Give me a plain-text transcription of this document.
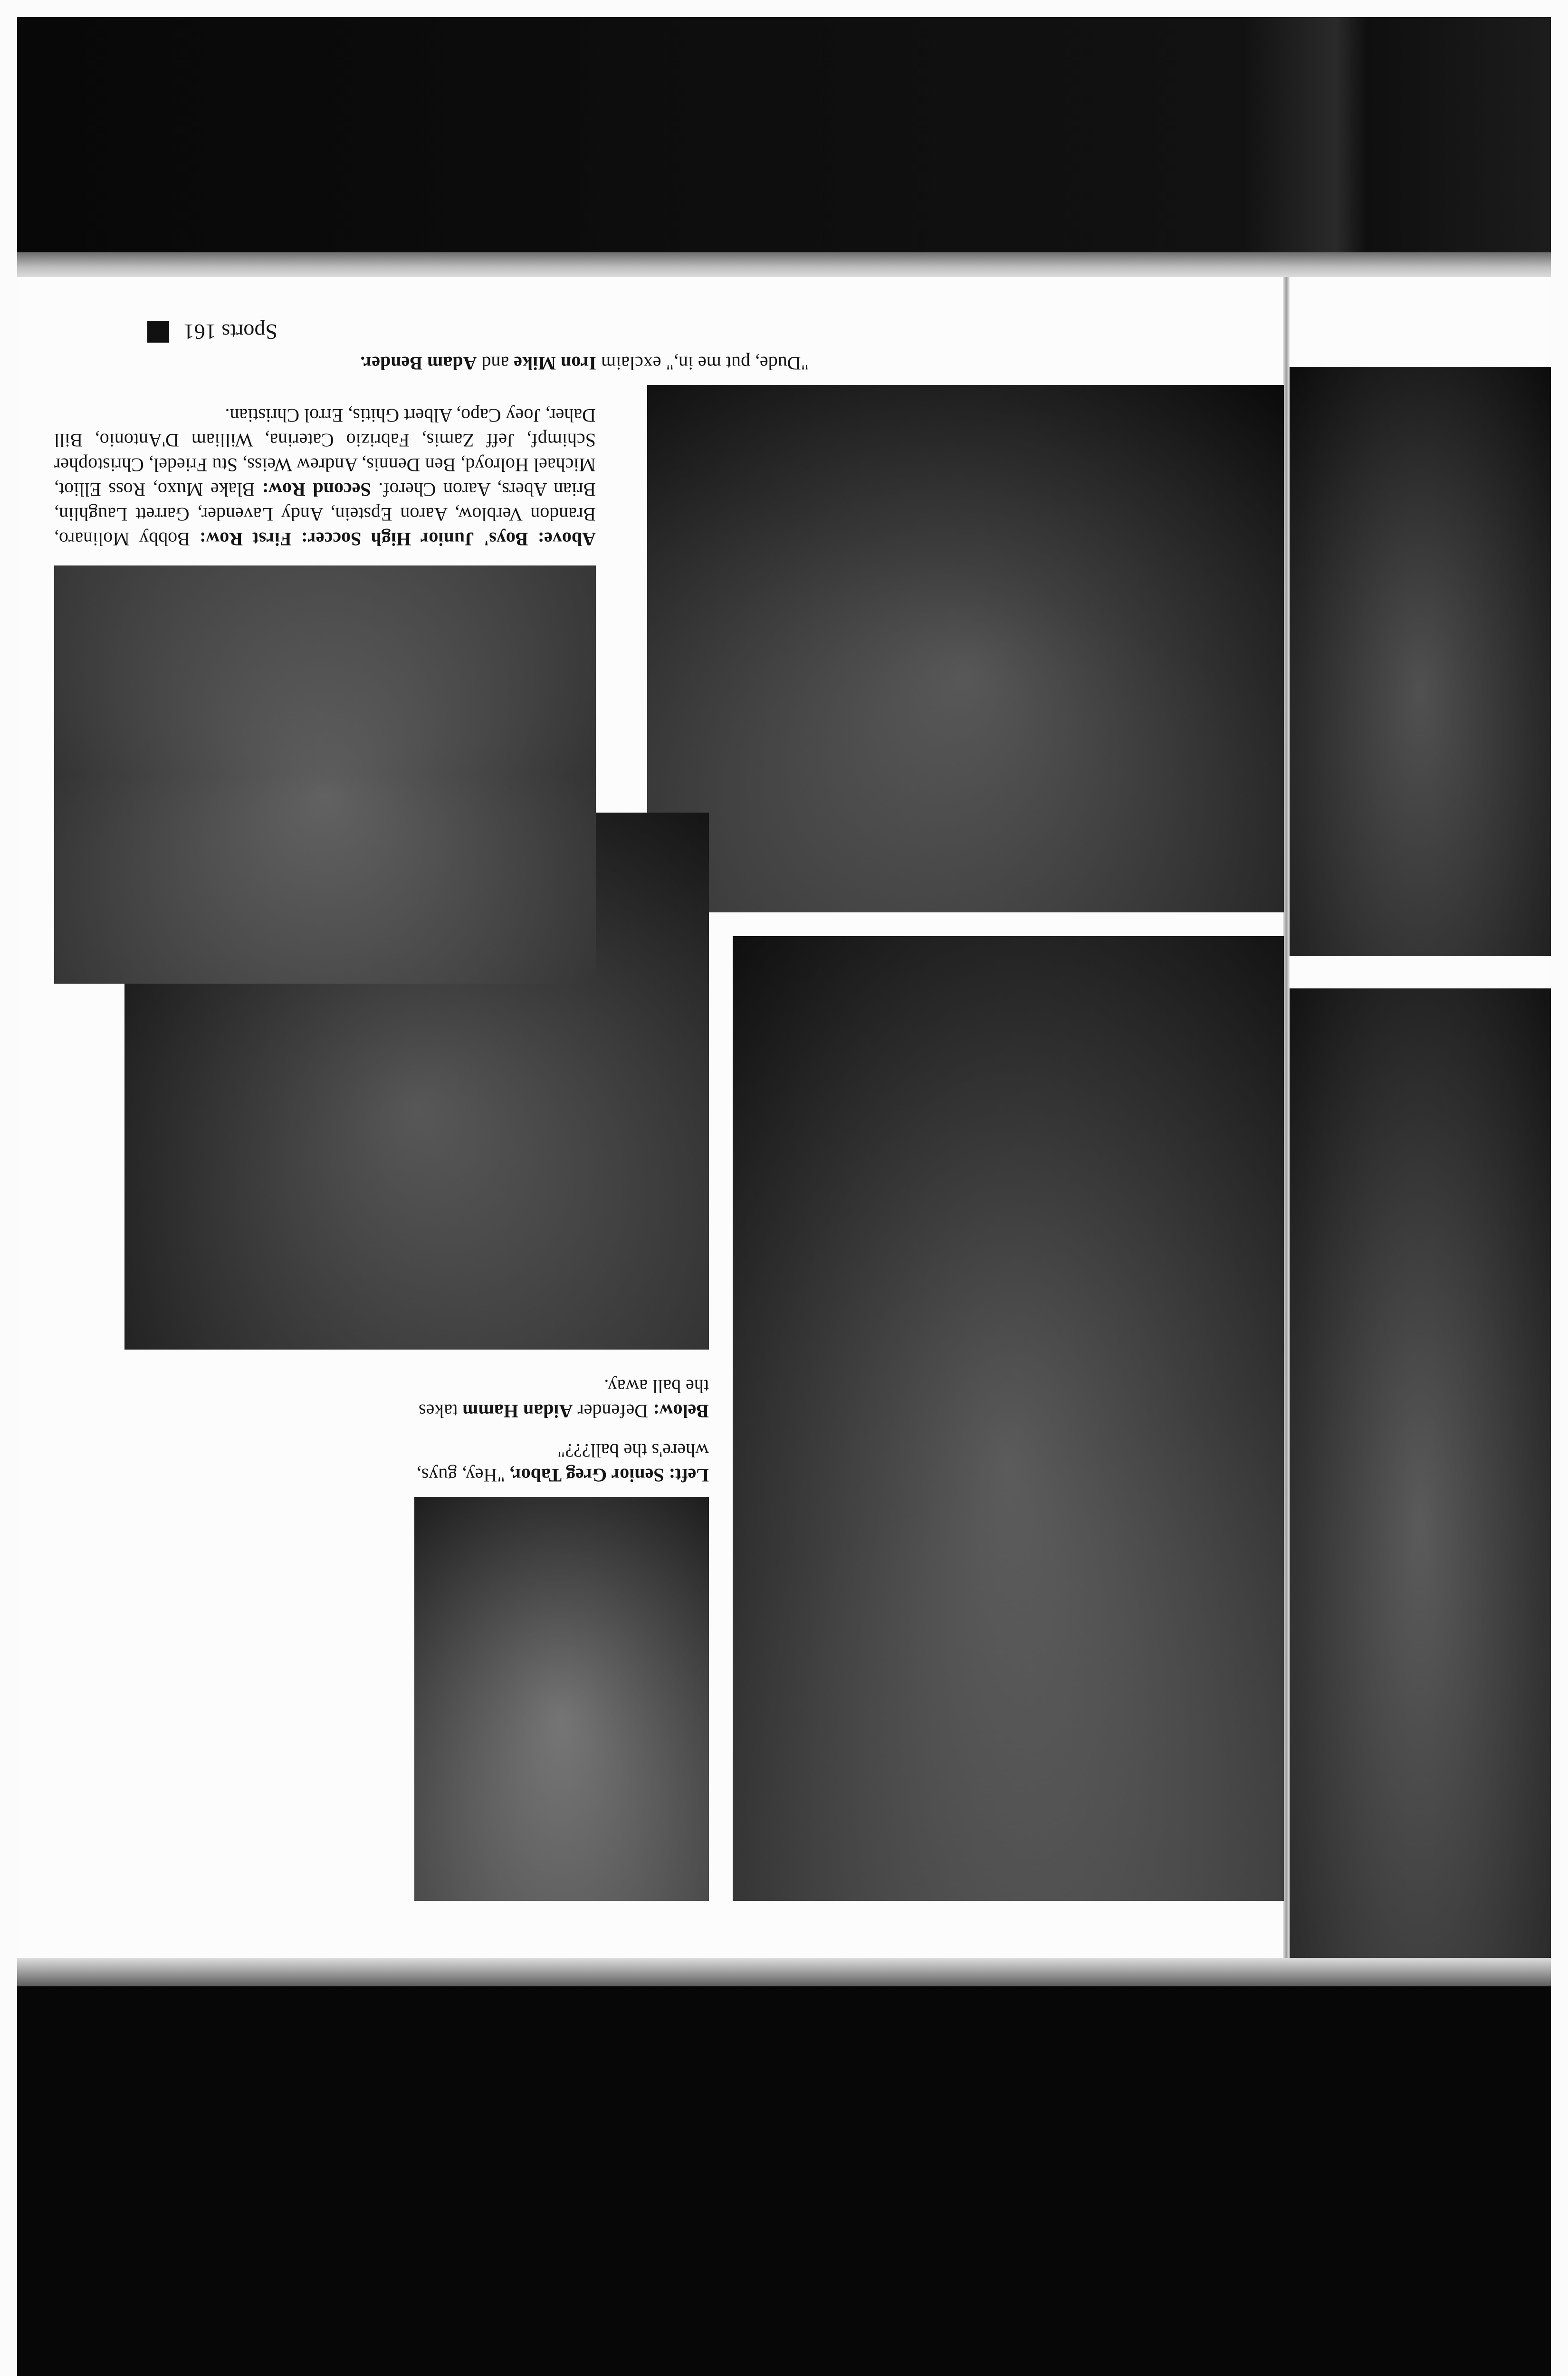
"Dude, put me in," exclaim Iron Mike and Adam Bender.
Left: Senior Greg Tabor, "Hey, guys, where's the ball???"
Below: Defender Aidan Hamm takes the ball away.
Above: Boys' Junior High Soccer: First Row: Bobby Molinaro, Brandon Verblow, Aaron Epstein, Andy Lavender, Garrett Laughlin, Brian Abers, Aaron Cherof. Second Row: Blake Muxo, Ross Elliot, Michael Holroyd, Ben Dennis, Andrew Weiss, Stu Friedel, Christopher Schimpf, Jeff Zamis, Fabrizio Caterina, William D'Antonio, Bill Daher, Joey Capo, Albert Ghitis, Errol Christian.
Sports 161
